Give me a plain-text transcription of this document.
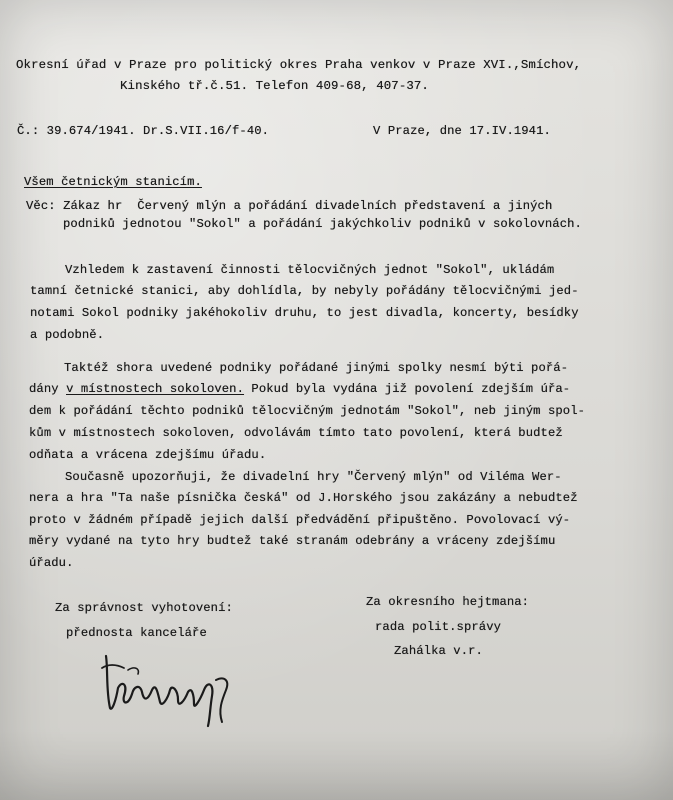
Okresní úřad v Praze pro politický okres Praha venkov v Praze XVI.,Smíchov,
Kinského tř.č.51. Telefon 409-68, 407-37.
Č.: 39.674/1941. Dr.S.VII.16/f-40.	V Praze, dne 17.IV.1941.
Všem četnickým stanicím.
Věc: Zákaz hr  Červený mlýn a pořádání divadelních představení a jiných
podniků jednotou "Sokol" a pořádání jakýchkoliv podniků v sokolovnách.
Vzhledem k zastavení činnosti tělocvičných jednot "Sokol", ukládám
tamní četnické stanici, aby dohlídla, by nebyly pořádány tělocvičnými jed-
notami Sokol podniky jakéhokoliv druhu, to jest divadla, koncerty, besídky
a podobně.
Taktéž shora uvedené podniky pořádané jinými spolky nesmí býti pořá-
dány v místnostech sokoloven. Pokud byla vydána již povolení zdejším úřa-
dem k pořádání těchto podniků tělocvičným jednotám "Sokol", neb jiným spol-
kům v místnostech sokoloven, odvolávám tímto tato povolení, která budtež
odňata a vrácena zdejšímu úřadu.
Současně upozorňuji, že divadelní hry "Červený mlýn" od Viléma Wer-
nera a hra "Ta naše písnička česká" od J.Horského jsou zakázány a nebudtež
proto v žádném případě jejich další předvádění připuštěno. Povolovací vý-
měry vydané na tyto hry budtež také stranám odebrány a vráceny zdejšímu
úřadu.
Za správnost vyhotovení:
přednosta kanceláře
Za okresního hejtmana:
rada polit.správy
Zahálka v.r.
